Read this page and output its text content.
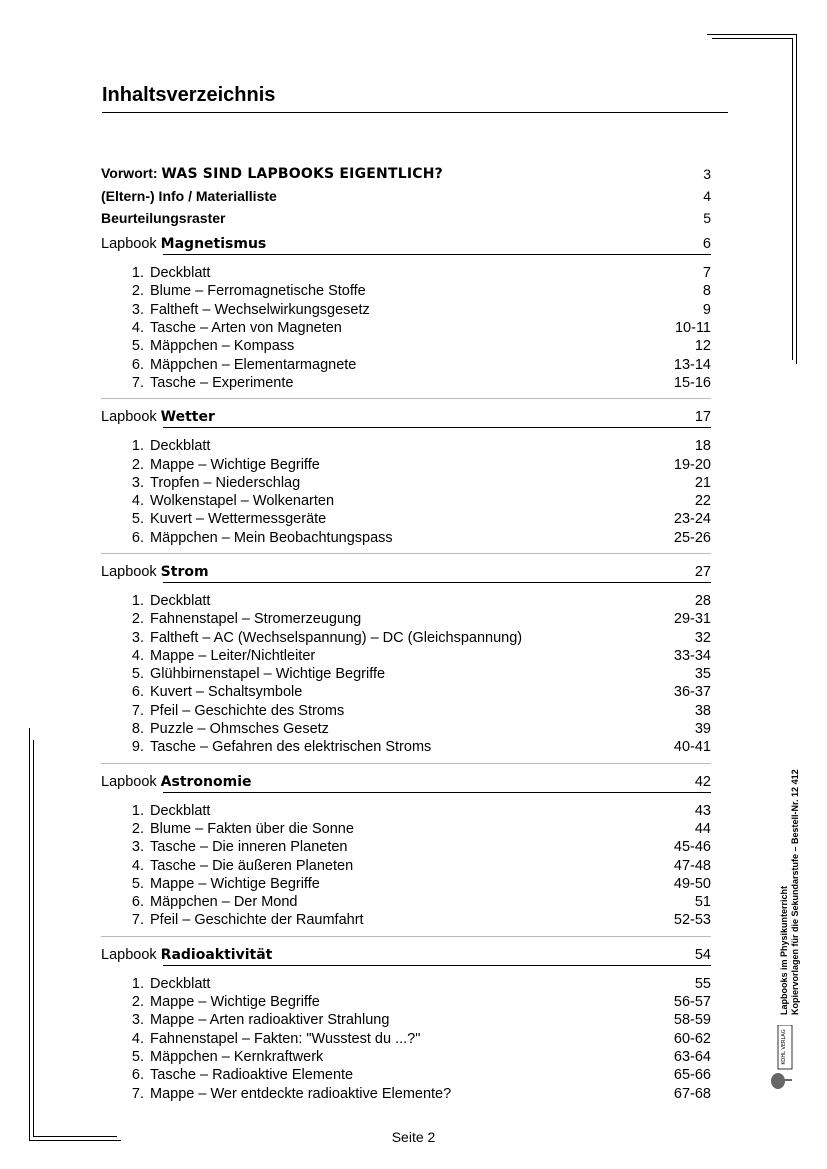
Inhaltsverzeichnis
Vorwort: WAS SIND LAPBOOKS EIGENTLICH?	3
(Eltern-) Info / Materialliste	4
Beurteilungsraster	5
Lapbook Magnetismus	6
1. Deckblatt	7
2. Blume – Ferromagnetische Stoffe	8
3. Faltheft – Wechselwirkungsgesetz	9
4. Tasche – Arten von Magneten	10-11
5. Mäppchen – Kompass	12
6. Mäppchen – Elementarmagnete	13-14
7. Tasche – Experimente	15-16
Lapbook Wetter	17
1. Deckblatt	18
2. Mappe – Wichtige Begriffe	19-20
3. Tropfen – Niederschlag	21
4. Wolkenstapel – Wolkenarten	22
5. Kuvert – Wettermessgeräte	23-24
6. Mäppchen – Mein Beobachtungspass	25-26
Lapbook Strom	27
1. Deckblatt	28
2. Fahnenstapel – Stromerzeugung	29-31
3. Faltheft – AC (Wechselspannung) – DC (Gleichspannung)	32
4. Mappe – Leiter/Nichtleiter	33-34
5. Glühbirnenstapel – Wichtige Begriffe	35
6. Kuvert – Schaltsymbole	36-37
7. Pfeil – Geschichte des Stroms	38
8. Puzzle – Ohmsches Gesetz	39
9. Tasche – Gefahren des elektrischen Stroms	40-41
Lapbook Astronomie	42
1. Deckblatt	43
2. Blume – Fakten über die Sonne	44
3. Tasche – Die inneren Planeten	45-46
4. Tasche – Die äußeren Planeten	47-48
5. Mappe – Wichtige Begriffe	49-50
6. Mäppchen – Der Mond	51
7. Pfeil – Geschichte der Raumfahrt	52-53
Lapbook Radioaktivität	54
1. Deckblatt	55
2. Mappe – Wichtige Begriffe	56-57
3. Mappe – Arten radioaktiver Strahlung	58-59
4. Fahnenstapel – Fakten: "Wusstest du ...?"	60-62
5. Mäppchen – Kernkraftwerk	63-64
6. Tasche – Radioaktive Elemente	65-66
7. Mappe – Wer entdeckte radioaktive Elemente?	67-68
Lapbooks im Physikunterricht Kopiervorlagen für die Sekundarstufe – Bestell-Nr. 12 412
KOHL VERLAG
Seite 2
